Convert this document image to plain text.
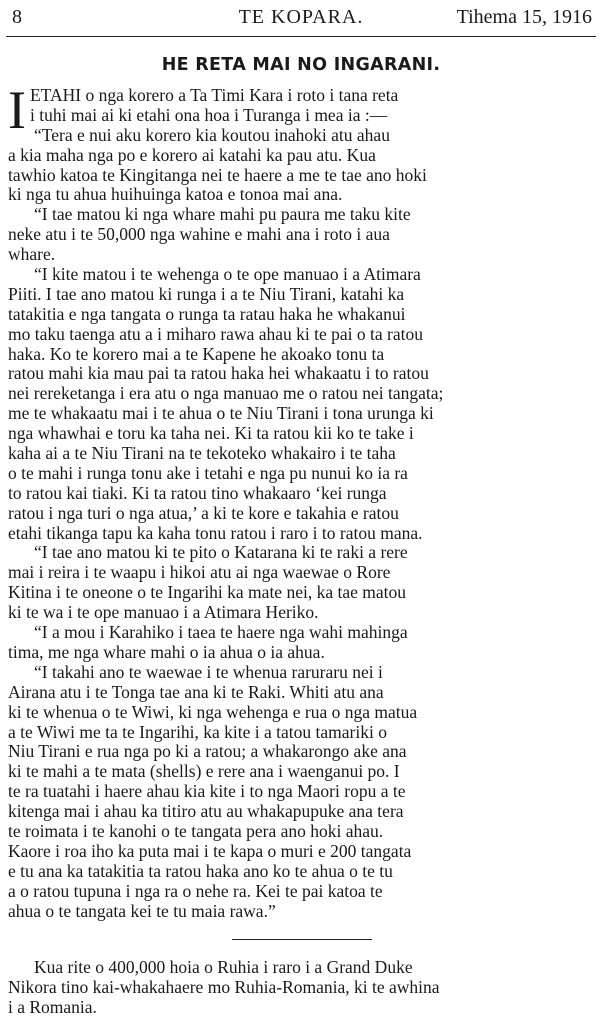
8	TE KOPARA.	Tihema 15, 1916
HE RETA MAI NO INGARANI.
I ETAHI o nga korero a Ta Timi Kara i roto i tana reta
i tuhi mai ai ki etahi ona hoa i Turanga i mea ia :—
“Tera e nui aku korero kia koutou inahoki atu ahau
a kia maha nga po e korero ai katahi ka pau atu. Kua
tawhio katoa te Kingitanga nei te haere a me te tae ano hoki
ki nga tu ahua huihuinga katoa e tonoa mai ana.
“I tae matou ki nga whare mahi pu paura me taku kite
neke atu i te 50,000 nga wahine e mahi ana i roto i aua
whare.
“I kite matou i te wehenga o te ope manuao i a Atimara
Piiti. I tae ano matou ki runga i a te Niu Tirani, katahi ka
tatakitia e nga tangata o runga ta ratau haka he whakanui
mo taku taenga atu a i miharo rawa ahau ki te pai o ta ratou
haka. Ko te korero mai a te Kapene he akoako tonu ta
ratou mahi kia mau pai ta ratou haka hei whakaatu i to ratou
nei rereketanga i era atu o nga manuao me o ratou nei tangata;
me te whakaatu mai i te ahua o te Niu Tirani i tona urunga ki
nga whawhai e toru ka taha nei. Ki ta ratou kii ko te take i
kaha ai a te Niu Tirani na te tekoteko whakairo i te taha
o te mahi i runga tonu ake i tetahi e nga pu nunui ko ia ra
to ratou kai tiaki. Ki ta ratou tino whakaaro ‘kei runga
ratou i nga turi o nga atua,’ a ki te kore e takahia e ratou
etahi tikanga tapu ka kaha tonu ratou i raro i to ratou mana.
“I tae ano matou ki te pito o Katarana ki te raki a rere
mai i reira i te waapu i hikoi atu ai nga waewae o Rore
Kitina i te oneone o te Ingarihi ka mate nei, ka tae matou
ki te wa i te ope manuao i a Atimara Heriko.
“I a mou i Karahiko i taea te haere nga wahi mahinga
tima, me nga whare mahi o ia ahua o ia ahua.
“I takahi ano te waewae i te whenua raruraru nei i
Airana atu i te Tonga tae ana ki te Raki. Whiti atu ana
ki te whenua o te Wiwi, ki nga wehenga e rua o nga matua
a te Wiwi me ta te Ingarihi, ka kite i a tatou tamariki o
Niu Tirani e rua nga po ki a ratou; a whakarongo ake ana
ki te mahi a te mata (shells) e rere ana i waenganui po. I
te ra tuatahi i haere ahau kia kite i to nga Maori ropu a te
kitenga mai i ahau ka titiro atu au whakapupuke ana tera
te roimata i te kanohi o te tangata pera ano hoki ahau.
Kaore i roa iho ka puta mai i te kapa o muri e 200 tangata
e tu ana ka tatakitia ta ratou haka ano ko te ahua o te tu
a o ratou tupuna i nga ra o nehe ra. Kei te pai katoa te
ahua o te tangata kei te tu maia rawa.”
Kua rite o 400,000 hoia o Ruhia i raro i a Grand Duke
Nikora tino kai-whakahaere mo Ruhia-Romania, ki te awhina
i a Romania.
